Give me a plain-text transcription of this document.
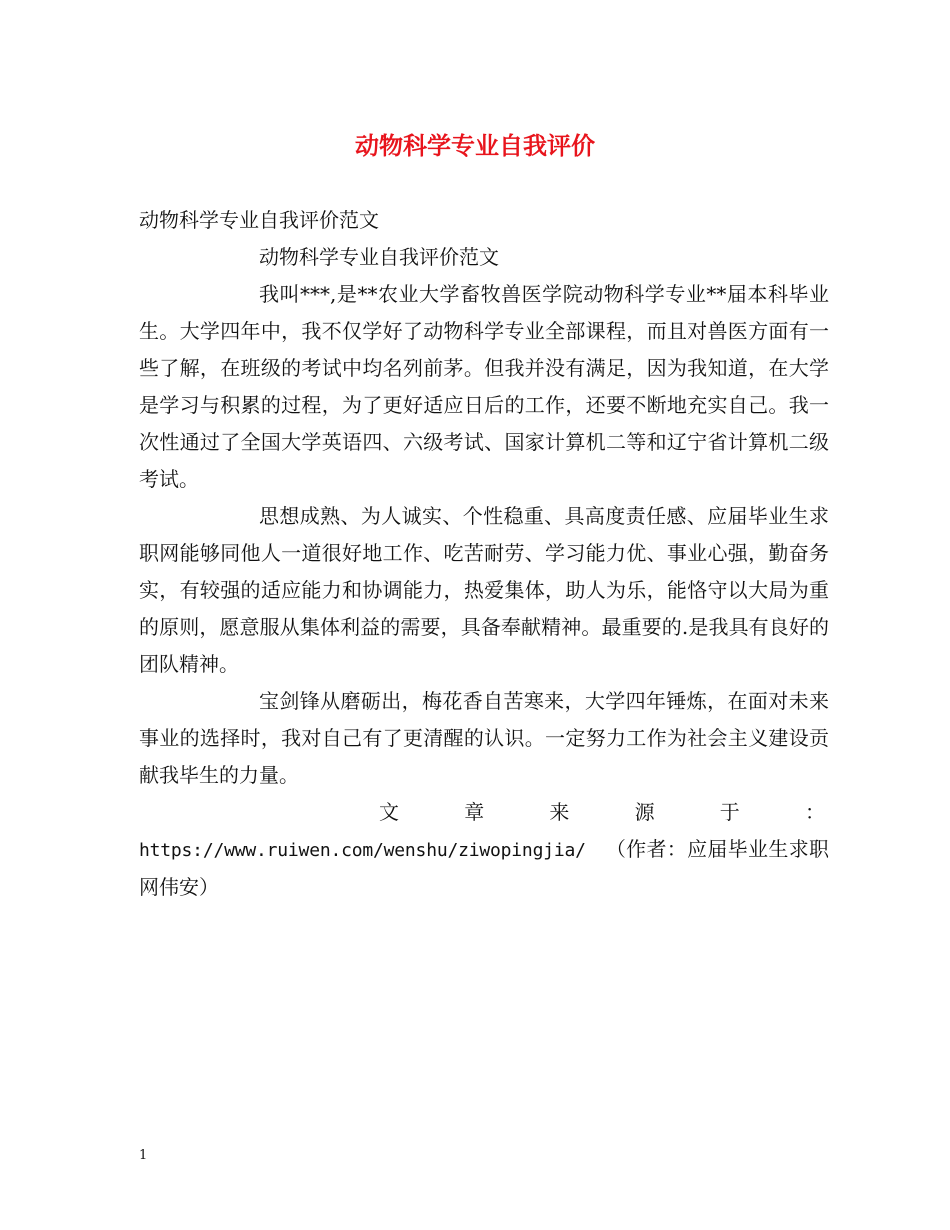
动物科学专业自我评价

动物科学专业自我评价范文

动物科学专业自我评价范文

我叫***,是**农业大学畜牧兽医学院动物科学专业**届本科毕业生。大学四年中，我不仅学好了动物科学专业全部课程，而且对兽医方面有一些了解，在班级的考试中均名列前茅。但我并没有满足，因为我知道，在大学是学习与积累的过程，为了更好适应日后的工作，还要不断地充实自己。我一次性通过了全国大学英语四、六级考试、国家计算机二等和辽宁省计算机二级考试。

思想成熟、为人诚实、个性稳重、具高度责任感、应届毕业生求职网能够同他人一道很好地工作、吃苦耐劳、学习能力优、事业心强，勤奋务实，有较强的适应能力和协调能力，热爱集体，助人为乐，能恪守以大局为重的原则，愿意服从集体利益的需要，具备奉献精神。最重要的.是我具有良好的团队精神。

宝剑锋从磨砺出，梅花香自苦寒来，大学四年锤炼，在面对未来事业的选择时，我对自己有了更清醒的认识。一定努力工作为社会主义建设贡献我毕生的力量。

文	章	来	源	于	：

https://www.ruiwen.com/wenshu/ziwopingjia/ （作者：应届毕业生求职网伟安）

1
